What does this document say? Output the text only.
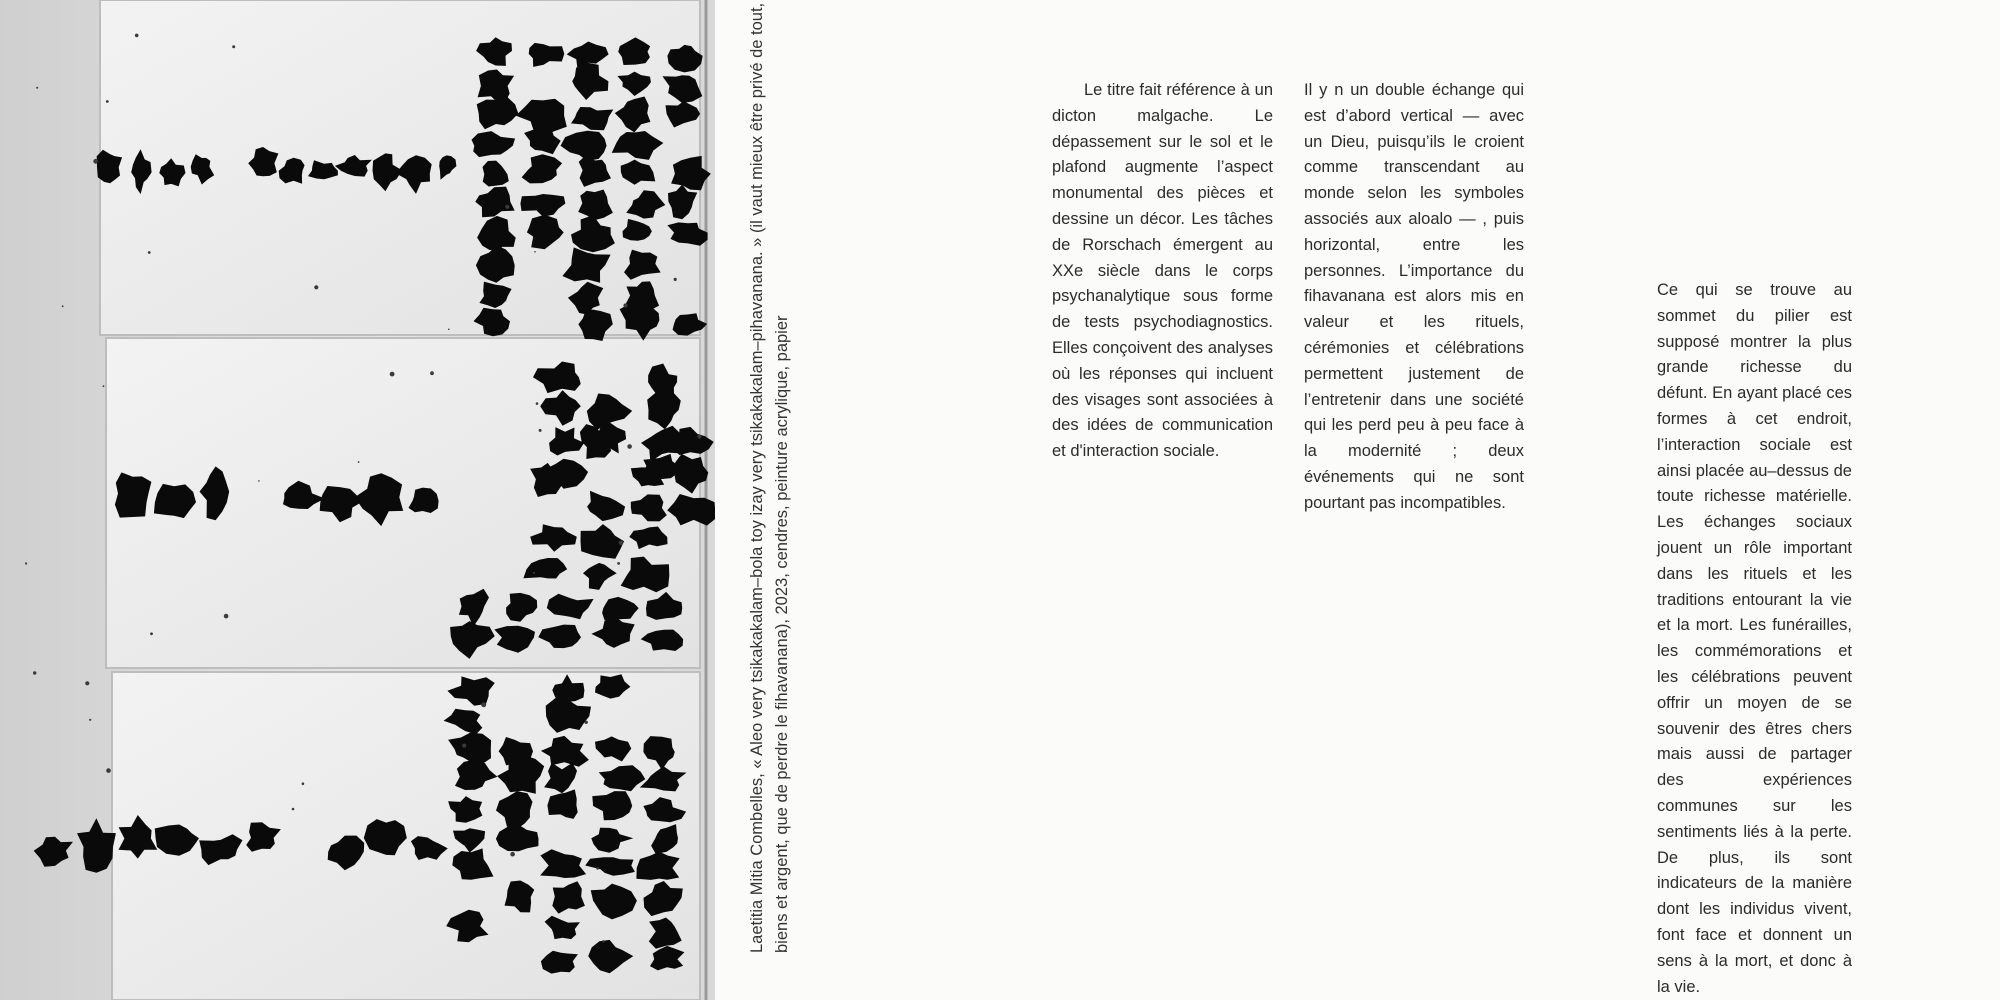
Laetitia Mitia Combelles, « Aleo very tsikakakalam–bola toy izay very tsikakakalam–pihavanana. » (il vaut mieux être privé de tout, biens et argent, que de perdre le fihavanana), 2023, cendres, peinture acrylique, papier
Le titre fait référence à un dicton malgache. Le dépassement sur le sol et le plafond augmente l’aspect monumental des pièces et dessine un décor. Les tâches de Rorschach émergent au XXe siècle dans le corps psychanalytique sous forme de tests psychodiagnostics. Elles conçoivent des analyses où les réponses qui incluent des visages sont associées à des idées de communication et d'interaction sociale.
Il y n un double échange qui est d’abord vertical — avec un Dieu, puisqu’ils le croient comme transcendant au monde selon les symboles associés aux aloalo — , puis horizontal, entre les personnes. L’importance du fihavanana est alors mis en valeur et les rituels, cérémonies et célébrations permettent justement de l’entretenir dans une société qui les perd peu à peu face à la modernité ; deux événements qui ne sont pourtant pas incompatibles.
Ce qui se trouve au sommet du pilier est supposé montrer la plus grande richesse du défunt. En ayant placé ces formes à cet endroit, l’interaction sociale est ainsi placée au–dessus de toute richesse matérielle. Les échanges sociaux jouent un rôle important dans les rituels et les traditions entourant la vie et la mort. Les funérailles, les commémorations et les célébrations peuvent offrir un moyen de se souvenir des êtres chers mais aussi de partager des expériences communes sur les sentiments liés à la perte. De plus, ils sont indicateurs de la manière dont les individus vivent, font face et donnent un sens à la mort, et donc à la vie.
